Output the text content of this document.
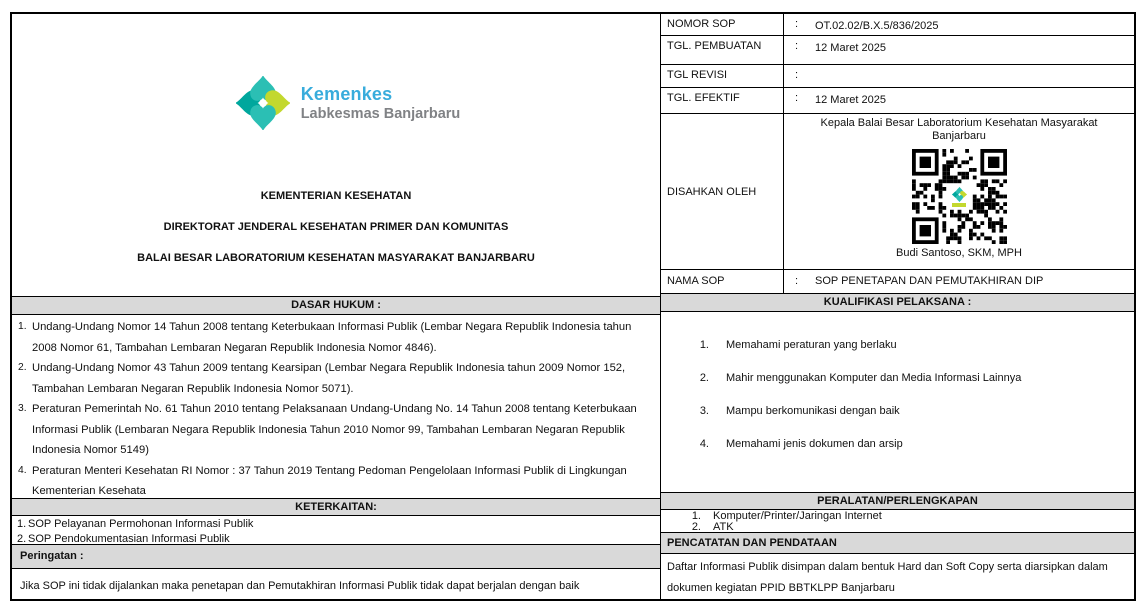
Kemenkes
Labkesmas Banjarbaru

KEMENTERIAN KESEHATAN

DIREKTORAT JENDERAL KESEHATAN PRIMER DAN KOMUNITAS

BALAI BESAR LABORATORIUM KESEHATAN MASYARAKAT BANJARBARU

DASAR HUKUM :
1. Undang-Undang Nomor 14 Tahun 2008 tentang Keterbukaan Informasi Publik (Lembar Negara Republik Indonesia tahun 2008 Nomor 61, Tambahan Lembaran Negaran Republik Indonesia Nomor 4846).
2. Undang-Undang Nomor 43 Tahun 2009 tentang Kearsipan (Lembar Negara Republik Indonesia tahun 2009 Nomor 152, Tambahan Lembaran Negaran Republik Indonesia Nomor 5071).
3. Peraturan Pemerintah No. 61 Tahun 2010 tentang Pelaksanaan Undang-Undang No. 14 Tahun 2008 tentang Keterbukaan Informasi Publik (Lembaran Negara Republik Indonesia Tahun 2010 Nomor 99, Tambahan Lembaran Negaran Republik Indonesia Nomor 5149)
4. Peraturan Menteri Kesehatan RI Nomor : 37 Tahun 2019 Tentang Pedoman Pengelolaan Informasi Publik di Lingkungan Kementerian Kesehata
KETERKAITAN:
1. SOP Pelayanan Permohonan Informasi Publik
2. SOP Pendokumentasian Informasi Publik
Peringatan :
Jika SOP ini tidak dijalankan maka penetapan dan Pemutakhiran Informasi Publik tidak dapat berjalan dengan baik
NOMOR SOP	: OT.02.02/B.X.5/836/2025
TGL. PEMBUATAN	: 12 Maret 2025
TGL REVISI	:
TGL. EFEKTIF	: 12 Maret 2025
DISAHKAN OLEH
Kepala Balai Besar Laboratorium Kesehatan Masyarakat Banjarbaru
Budi Santoso, SKM, MPH
NAMA SOP	: SOP PENETAPAN DAN PEMUTAKHIRAN DIP
KUALIFIKASI PELAKSANA :
1.	Memahami peraturan yang berlaku
2.	Mahir menggunakan Komputer dan Media Informasi Lainnya
3.	Mampu berkomunikasi dengan baik
4.	Memahami jenis dokumen dan arsip
PERALATAN/PERLENGKAPAN
1.	Komputer/Printer/Jaringan Internet
2.	ATK
PENCATATAN DAN PENDATAAN
Daftar Informasi Publik disimpan dalam bentuk Hard dan Soft Copy serta diarsipkan dalam dokumen kegiatan PPID BBTKLPP Banjarbaru
